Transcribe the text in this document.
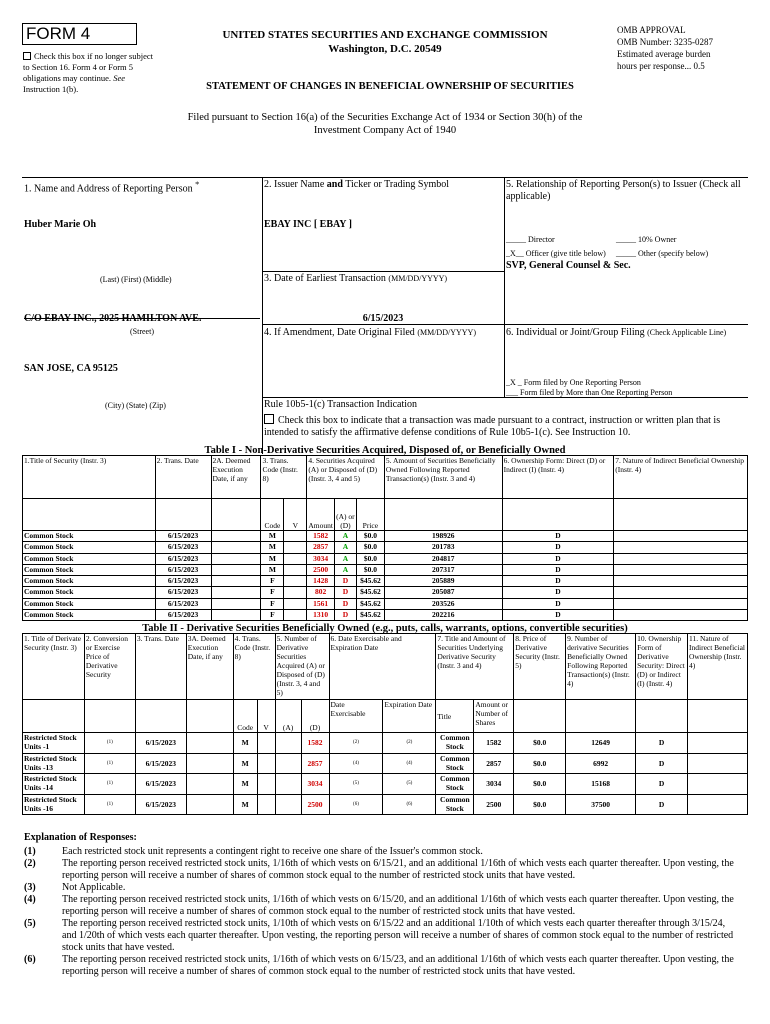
FORM 4
Check this box if no longer subject to Section 16. Form 4 or Form 5 obligations may continue. See Instruction 1(b).
UNITED STATES SECURITIES AND EXCHANGE COMMISSION
Washington, D.C. 20549
OMB APPROVAL
OMB Number: 3235-0287
Estimated average burden
hours per response... 0.5
STATEMENT OF CHANGES IN BENEFICIAL OWNERSHIP OF SECURITIES
Filed pursuant to Section 16(a) of the Securities Exchange Act of 1934 or Section 30(h) of the
Investment Company Act of 1940
1. Name and Address of Reporting Person *
Huber Marie Oh
(Last) (First) (Middle)
C/O EBAY INC., 2025 HAMILTON AVE.
(Street)
SAN JOSE, CA 95125
(City) (State) (Zip)
2. Issuer Name and Ticker or Trading Symbol
EBAY INC [ EBAY ]
3. Date of Earliest Transaction (MM/DD/YYYY)
6/15/2023
4. If Amendment, Date Original Filed (MM/DD/YYYY)
5. Relationship of Reporting Person(s) to Issuer (Check all applicable)
_____ Director	_____ 10% Owner
_X__ Officer (give title below) _____ Other (specify below)
SVP, General Counsel & Sec.
6. Individual or Joint/Group Filing (Check Applicable Line)
_X _ Form filed by One Reporting Person
___ Form filed by More than One Reporting Person
Rule 10b5-1(c) Transaction Indication
Check this box to indicate that a transaction was made pursuant to a contract, instruction or written plan that is intended to satisfy the affirmative defense conditions of Rule 10b5-1(c). See Instruction 10.
Table I - Non-Derivative Securities Acquired, Disposed of, or Beneficially Owned
1.Title of Security (Instr. 3)	2. Trans. Date	2A. Deemed Execution Date, if any	3. Trans. Code (Instr. 8)		4. Securities Acquired (A) or Disposed of (D) (Instr. 3, 4 and 5)			5. Amount of Securities Beneficially Owned Following Reported Transaction(s) (Instr. 3 and 4)	6. Ownership Form: Direct (D) or Indirect (I) (Instr. 4)	7. Nature of Indirect Beneficial Ownership (Instr. 4)
			Code	V	Amount	(A) or (D)	Price			
Common Stock	6/15/2023		M		1582	A	$0.0	198926	D	
Common Stock	6/15/2023		M		2857	A	$0.0	201783	D	
Common Stock	6/15/2023		M		3034	A	$0.0	204817	D	
Common Stock	6/15/2023		M		2500	A	$0.0	207317	D	
Common Stock	6/15/2023		F		1428	D	$45.62	205889	D	
Common Stock	6/15/2023		F		802	D	$45.62	205087	D	
Common Stock	6/15/2023		F		1561	D	$45.62	203526	D	
Common Stock	6/15/2023		F		1310	D	$45.62	202216	D	
Table II - Derivative Securities Beneficially Owned (e.g., puts, calls, warrants, options, convertible securities)
1. Title of Derivate Security (Instr. 3)	2. Conversion or Exercise Price of Derivative Security	3. Trans. Date	3A. Deemed Execution Date, if any	4. Trans. Code (Instr. 8)		5. Number of Derivative Securities Acquired (A) or Disposed of (D) (Instr. 3, 4 and 5)		6. Date Exercisable and Expiration Date		7. Title and Amount of Securities Underlying Derivative Security (Instr. 3 and 4)		8. Price of Derivative Security (Instr. 5)	9. Number of derivative Securities Beneficially Owned Following Reported Transaction(s) (Instr. 4)	10. Ownership Form of Derivative Security: Direct (D) or Indirect (I) (Instr. 4)	11. Nature of Indirect Beneficial Ownership (Instr. 4)
				Code	V	(A)	(D)	Date Exercisable	Expiration Date	Title	Amount or Number of Shares				
Restricted Stock Units -1	(1)	6/15/2023		M			1582	(2)	(2)	Common Stock	1582	$0.0	12649	D	
Restricted Stock Units -13	(1)	6/15/2023		M			2857	(4)	(4)	Common Stock	2857	$0.0	6992	D	
Restricted Stock Units -14	(1)	6/15/2023		M			3034	(5)	(5)	Common Stock	3034	$0.0	15168	D	
Restricted Stock Units -16	(1)	6/15/2023		M			2500	(6)	(6)	Common Stock	2500	$0.0	37500	D	
Explanation of Responses:
(1)	Each restricted stock unit represents a contingent right to receive one share of the Issuer's common stock.
(2)	The reporting person received restricted stock units, 1/16th of which vests on 6/15/21, and an additional 1/16th of which vests each quarter thereafter. Upon vesting, the reporting person will receive a number of shares of common stock equal to the number of restricted stock units that have vested.
(3)	Not Applicable.
(4)	The reporting person received restricted stock units, 1/16th of which vests on 6/15/20, and an additional 1/16th of which vests each quarter thereafter. Upon vesting, the reporting person will receive a number of shares of common stock equal to the number of restricted stock units that have vested.
(5)	The reporting person received restricted stock units, 1/10th of which vests on 6/15/22 and an additional 1/10th of which vests each quarter thereafter through 3/15/24, and 1/20th of which vests each quarter thereafter. Upon vesting, the reporting person will receive a number of shares of common stock equal to the number of restricted stock units that have vested.
(6)	The reporting person received restricted stock units, 1/16th of which vests on 6/15/23, and an additional 1/16th of which vests each quarter thereafter. Upon vesting, the reporting person will receive a number of shares of common stock equal to the number of restricted stock units that have vested.
